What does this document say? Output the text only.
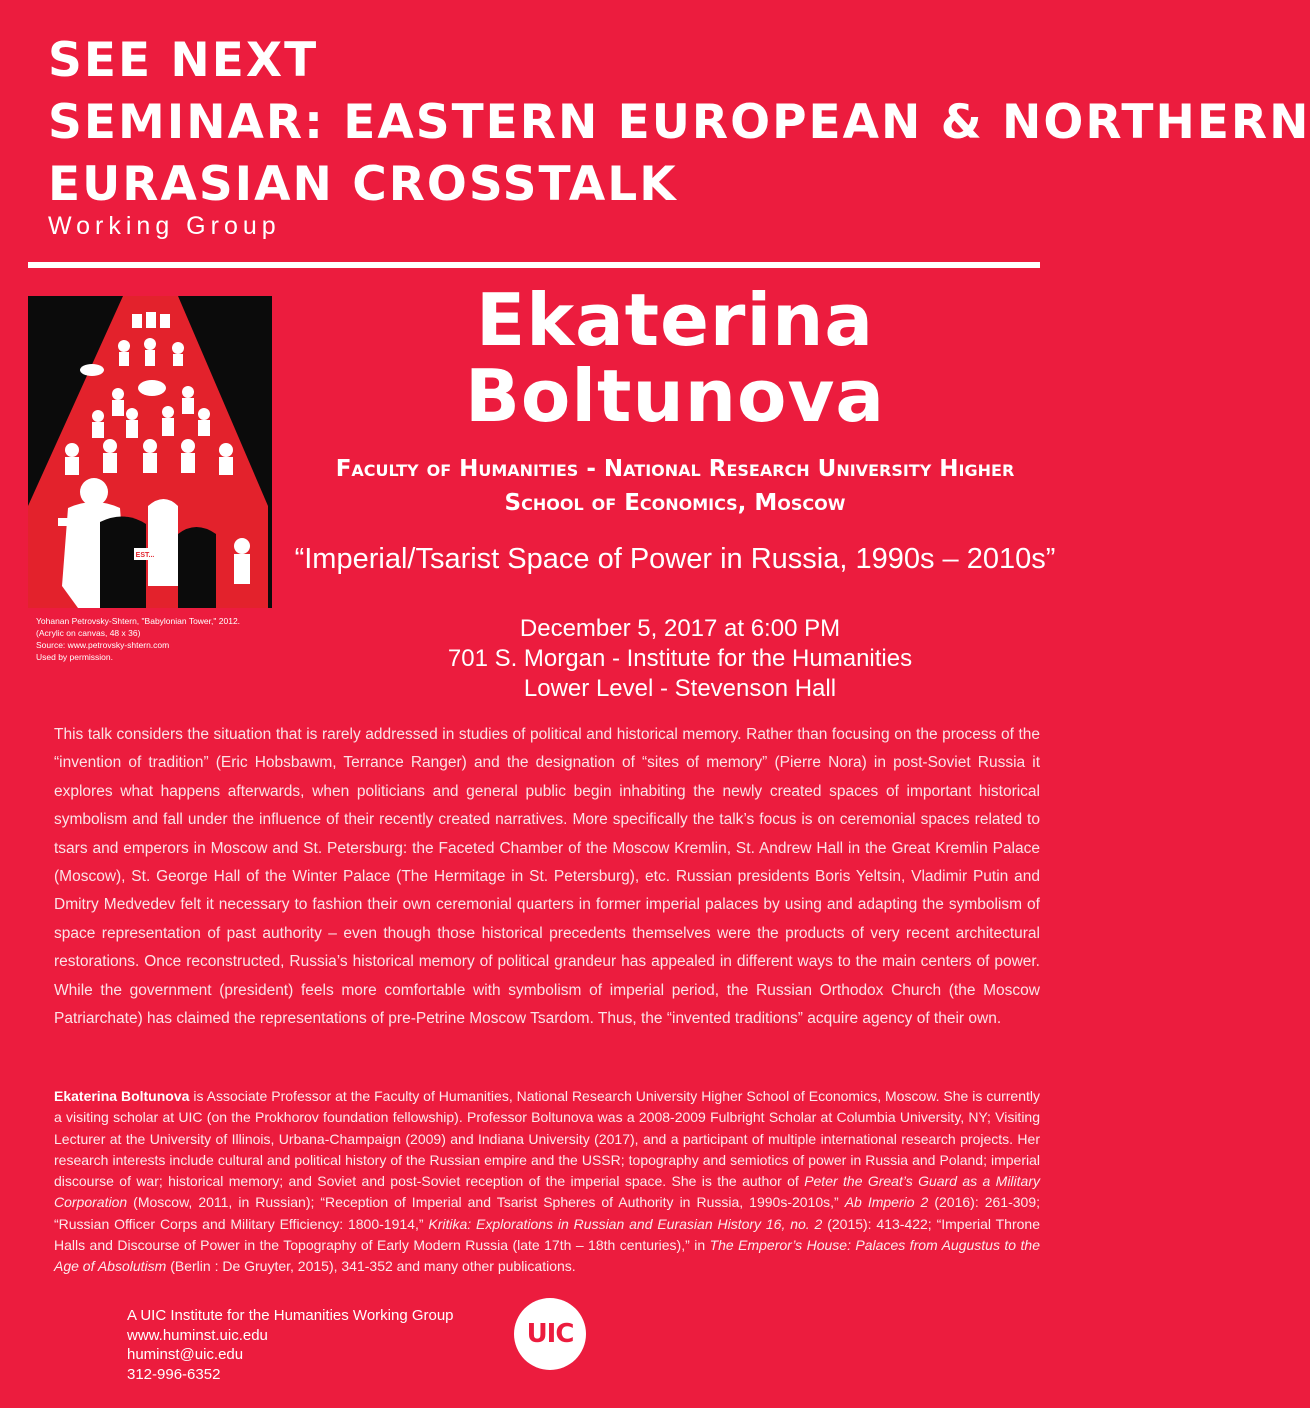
SEE NEXT
SEMINAR: EASTERN EUROPEAN & NORTHERN
EURASIAN CROSSTALK
Working Group
EST...
Yohanan Petrovsky-Shtern, "Babylonian Tower," 2012.
(Acrylic on canvas, 48 x 36)
Source: www.petrovsky-shtern.com
Used by permission.
Ekaterina
Boltunova
Faculty of Humanities - National Research University Higher
School of Economics, Moscow
“Imperial/Tsarist Space of Power in Russia, 1990s – 2010s”
December 5, 2017 at 6:00 PM
701 S. Morgan - Institute for the Humanities
Lower Level - Stevenson Hall
This talk considers the situation that is rarely addressed in studies of political and historical memory. Rather than focusing on the process of the “invention of tradition” (Eric Hobsbawm, Terrance Ranger) and the designation of “sites of memory” (Pierre Nora) in post-Soviet Russia it explores what happens afterwards, when politicians and general public begin inhabiting the newly created spaces of important historical symbolism and fall under the influence of their recently created narratives. More specifically the talk’s focus is on ceremonial spaces related to tsars and emperors in Moscow and St. Petersburg: the Faceted Chamber of the Moscow Kremlin, St. Andrew Hall in the Great Kremlin Palace (Moscow), St. George Hall of the Winter Palace (The Hermitage in St. Petersburg), etc. Russian presidents Boris Yeltsin, Vladimir Putin and Dmitry Medvedev felt it necessary to fashion their own ceremonial quarters in former imperial palaces by using and adapting the symbolism of space representation of past authority – even though those historical precedents themselves were the products of very recent architectural restorations. Once reconstructed, Russia’s historical memory of political grandeur has appealed in different ways to the main centers of power. While the government (president) feels more comfortable with symbolism of imperial period, the Russian Orthodox Church (the Moscow Patriarchate) has claimed the representations of pre-Petrine Moscow Tsardom. Thus, the “invented traditions” acquire agency of their own.
Ekaterina Boltunova is Associate Professor at the Faculty of Humanities, National Research University Higher School of Economics, Moscow. She is currently a visiting scholar at UIC (on the Prokhorov foundation fellowship). Professor Boltunova was a 2008-2009 Fulbright Scholar at Columbia University, NY; Visiting Lecturer at the University of Illinois, Urbana-Champaign (2009) and Indiana University (2017), and a participant of multiple international research projects. Her research interests include cultural and political history of the Russian empire and the USSR; topography and semiotics of power in Russia and Poland; imperial discourse of war; historical memory; and Soviet and post-Soviet reception of the imperial space. She is the author of Peter the Great’s Guard as a Military Corporation (Moscow, 2011, in Russian); “Reception of Imperial and Tsarist Spheres of Authority in Russia, 1990s-2010s,” Ab Imperio 2 (2016): 261-309; “Russian Officer Corps and Military Efficiency: 1800-1914,” Kritika: Explorations in Russian and Eurasian History 16, no. 2 (2015): 413-422; “Imperial Throne Halls and Discourse of Power in the Topography of Early Modern Russia (late 17th – 18th centuries),” in The Emperor’s House: Palaces from Augustus to the Age of Absolutism (Berlin : De Gruyter, 2015), 341-352 and many other publications.
A UIC Institute for the Humanities Working Group
www.huminst.uic.edu
huminst@uic.edu
312-996-6352
UIC
